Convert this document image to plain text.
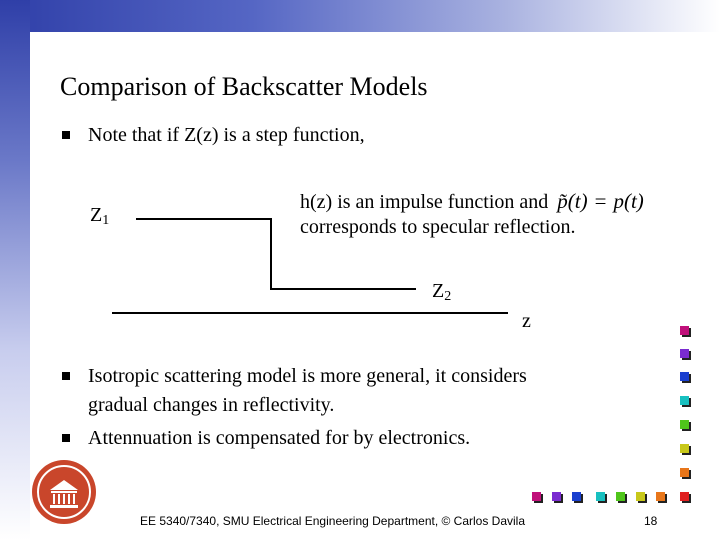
Comparison of Backscatter Models
Note that if Z(z) is a step function,
$Z_1$
$Z_2$
z
h(z) is an impulse function and p̃(t) = p(t)
corresponds to specular reflection.
Isotropic scattering model is more general, it considers
gradual changes in reflectivity.
Attennuation is compensated for by electronics.
EE 5340/7340, SMU Electrical Engineering Department, © Carlos Davila	18
